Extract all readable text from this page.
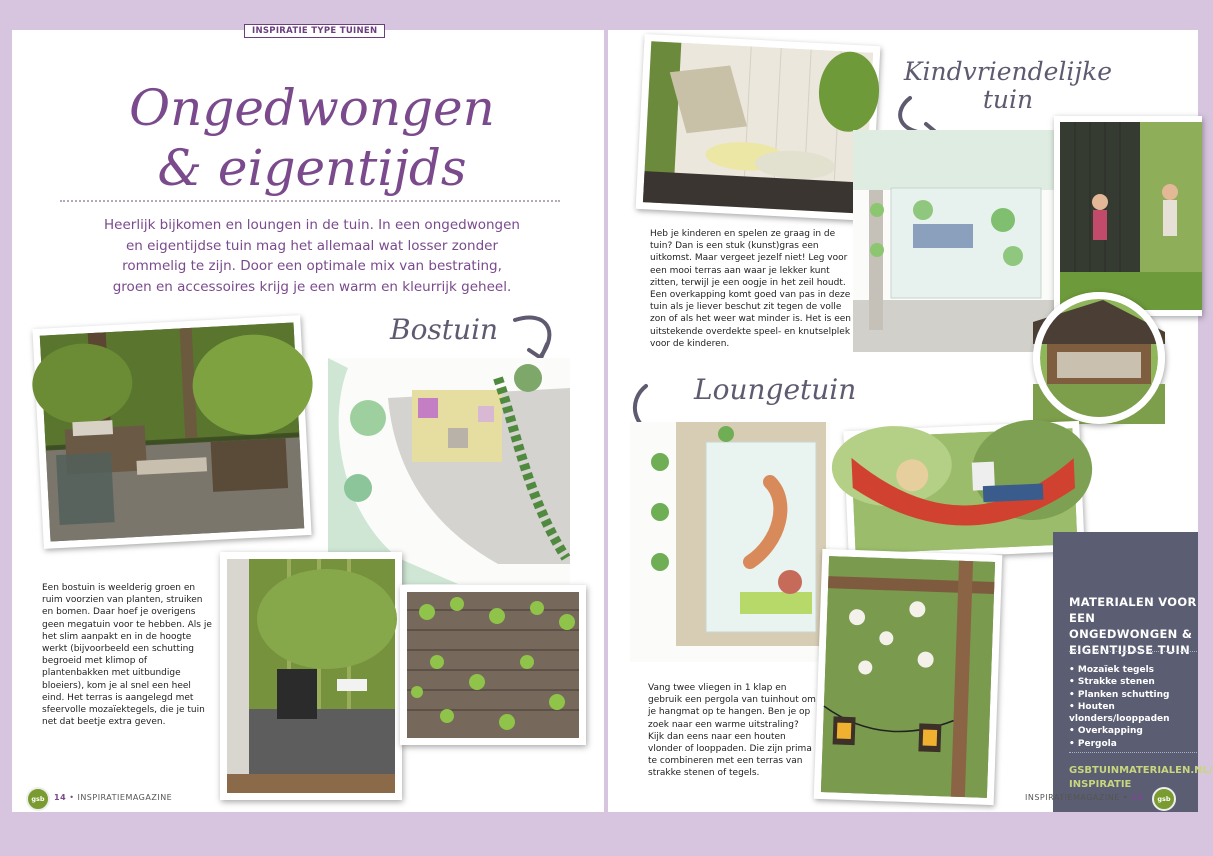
INSPIRATIE TYPE TUINEN
Ongedwongen
& eigentijds
Heerlijk bijkomen en loungen in de tuin. In een ongedwongen en eigentijdse tuin mag het allemaal wat losser zonder rommelig te zijn. Door een optimale mix van bestrating, groen en accessoires krijg je een warm en kleurrijk geheel.
Bostuin
Een bostuin is weelderig groen en ruim voorzien van planten, struiken en bomen. Daar hoef je overigens geen megatuin voor te hebben. Als je het slim aanpakt en in de hoogte werkt (bijvoorbeeld een schutting begroeid met klimop of plantenbakken met uitbundige bloeiers), kom je al snel een heel eind. Het terras is aangelegd met sfeervolle mozaïektegels, die je tuin net dat beetje extra geven.
gsb	14 • INSPIRATIEMAGAZINE
Kindvriendelijke
tuin
Heb je kinderen en spelen ze graag in de tuin? Dan is een stuk (kunst)gras een uitkomst. Maar vergeet jezelf niet! Leg voor een mooi terras aan waar je lekker kunt zitten, terwijl je een oogje in het zeil houdt. Een overkapping komt goed van pas in deze tuin als je liever beschut zit tegen de volle zon of als het weer wat minder is. Het is een uitstekende overdekte speel- en knutselplek voor de kinderen.
Loungetuin
Vang twee vliegen in 1 klap en gebruik een pergola van tuinhout om je hangmat op te hangen. Ben je op zoek naar een warme uitstraling? Kijk dan eens naar een houten vlonder of looppaden. Die zijn prima te combineren met een terras van strakke stenen of tegels.
MATERIALEN VOOR EEN ONGEDWONGEN & EIGENTIJDSE TUIN
• Mozaïek tegels
• Strakke stenen
• Planken schutting
• Houten vlonders/looppaden
• Overkapping
• Pergola
GSBTUINMATERIALEN.NL/ INSPIRATIE
INSPIRATIEMAGAZINE • 15	gsb
